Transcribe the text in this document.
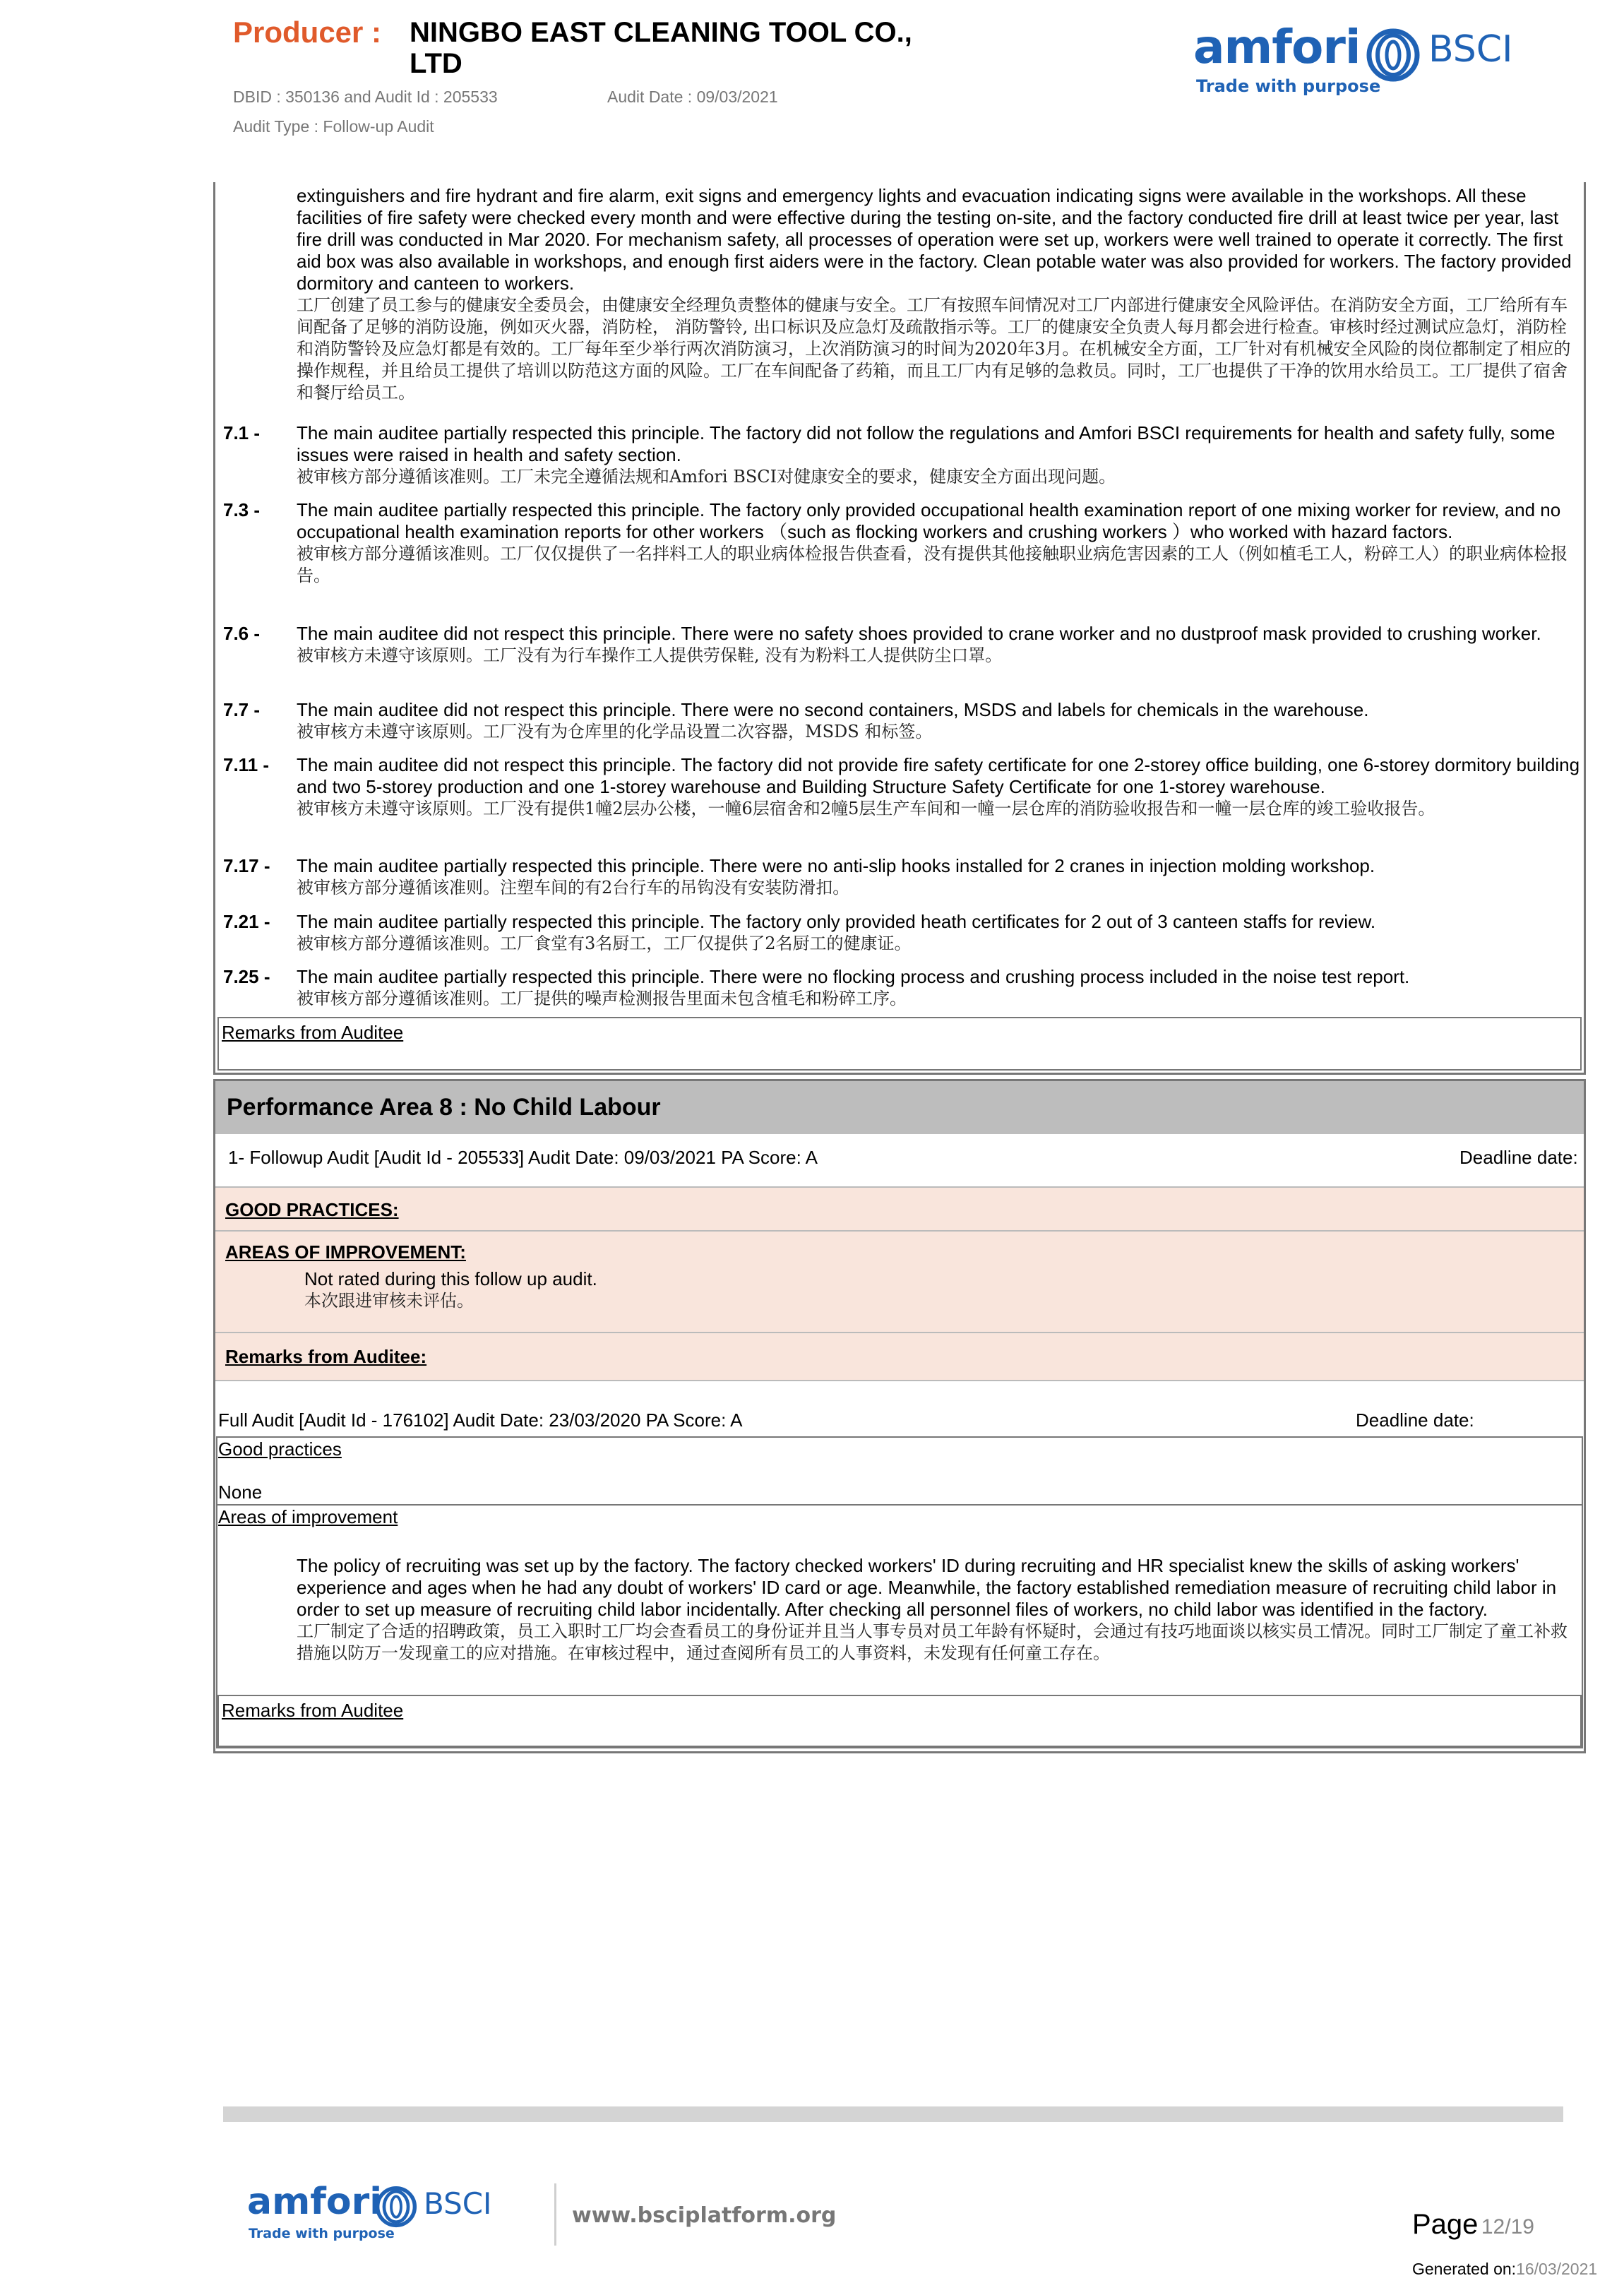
Producer : NINGBO EAST CLEANING TOOL CO., LTD
DBID : 350136 and Audit Id : 205533	Audit Date : 09/03/2021
Audit Type : Follow-up Audit
amfori BSCI
Trade with purpose
extinguishers and fire hydrant and fire alarm, exit signs and emergency lights and evacuation indicating signs were available in the workshops. All these facilities of fire safety were checked every month and were effective during the testing on-site, and the factory conducted fire drill at least twice per year, last fire drill was conducted in Mar 2020. For mechanism safety, all processes of operation were set up, workers were well trained to operate it correctly. The first aid box was also available in workshops, and enough first aiders were in the factory. Clean potable water was also provided for workers. The factory provided dormitory and canteen to workers.
工厂创建了员工参与的健康安全委员会，由健康安全经理负责整体的健康与安全。工厂有按照车间情况对工厂内部进行健康安全风险评估。在消防安全方面，工厂给所有车间配备了足够的消防设施，例如灭火器，消防栓， 消防警铃, 出口标识及应急灯及疏散指示等。工厂的健康安全负责人每月都会进行检查。审核时经过测试应急灯，消防栓和消防警铃及应急灯都是有效的。工厂每年至少举行两次消防演习，上次消防演习的时间为2020年3月。在机械安全方面，工厂针对有机械安全风险的岗位都制定了相应的操作规程，并且给员工提供了培训以防范这方面的风险。工厂在车间配备了药箱，而且工厂内有足够的急救员。同时，工厂也提供了干净的饮用水给员工。工厂提供了宿舍和餐厅给员工。
7.1 - The main auditee partially respected this principle. The factory did not follow the regulations and Amfori BSCI requirements for health and safety fully, some issues were raised in health and safety section.
被审核方部分遵循该准则。工厂未完全遵循法规和Amfori BSCI对健康安全的要求，健康安全方面出现问题。
7.3 - The main auditee partially respected this principle. The factory only provided occupational health examination report of one mixing worker for review, and no occupational health examination reports for other workers （such as flocking workers and crushing workers ）who worked with hazard factors.
被审核方部分遵循该准则。工厂仅仅提供了一名拌料工人的职业病体检报告供查看，没有提供其他接触职业病危害因素的工人（例如植毛工人，粉碎工人）的职业病体检报告。
7.6 - The main auditee did not respect this principle. There were no safety shoes provided to crane worker and no dustproof mask provided to crushing worker.
被审核方未遵守该原则。工厂没有为行车操作工人提供劳保鞋, 没有为粉料工人提供防尘口罩。
7.7 - The main auditee did not respect this principle. There were no second containers, MSDS and labels for chemicals in the warehouse.
被审核方未遵守该原则。工厂没有为仓库里的化学品设置二次容器，MSDS 和标签。
7.11 - The main auditee did not respect this principle. The factory did not provide fire safety certificate for one 2-storey office building, one 6-storey dormitory building and two 5-storey production and one 1-storey warehouse and Building Structure Safety Certificate for one 1-storey warehouse.
被审核方未遵守该原则。工厂没有提供1幢2层办公楼，一幢6层宿舍和2幢5层生产车间和一幢一层仓库的消防验收报告和一幢一层仓库的竣工验收报告。
7.17 - The main auditee partially respected this principle. There were no anti-slip hooks installed for 2 cranes in injection molding workshop.
被审核方部分遵循该准则。注塑车间的有2台行车的吊钩没有安装防滑扣。
7.21 - The main auditee partially respected this principle. The factory only provided heath certificates for 2 out of 3 canteen staffs for review.
被审核方部分遵循该准则。工厂食堂有3名厨工，工厂仅提供了2名厨工的健康证。
7.25 - The main auditee partially respected this principle. There were no flocking process and crushing process included in the noise test report.
被审核方部分遵循该准则。工厂提供的噪声检测报告里面未包含植毛和粉碎工序。
Remarks from Auditee
Performance Area 8 : No Child Labour
1- Followup Audit [Audit Id - 205533] Audit Date: 09/03/2021 PA Score: A	Deadline date:
GOOD PRACTICES:
AREAS OF IMPROVEMENT:
Not rated during this follow up audit.
本次跟进审核未评估。
Remarks from Auditee:
Full Audit [Audit Id - 176102] Audit Date: 23/03/2020 PA Score: A	Deadline date:
Good practices
None
Areas of improvement
The policy of recruiting was set up by the factory. The factory checked workers' ID during recruiting and HR specialist knew the skills of asking workers' experience and ages when he had any doubt of workers' ID card or age. Meanwhile, the factory established remediation measure of recruiting child labor in order to set up measure of recruiting child labor incidentally. After checking all personnel files of workers, no child labor was identified in the factory.
工厂制定了合适的招聘政策，员工入职时工厂均会查看员工的身份证并且当人事专员对员工年龄有怀疑时，会通过有技巧地面谈以核实员工情况。同时工厂制定了童工补救措施以防万一发现童工的应对措施。在审核过程中，通过查阅所有员工的人事资料，未发现有任何童工存在。
Remarks from Auditee
amfori BSCI
Trade with purpose
www.bsciplatform.org	Page 12/19
Generated on:16/03/2021
